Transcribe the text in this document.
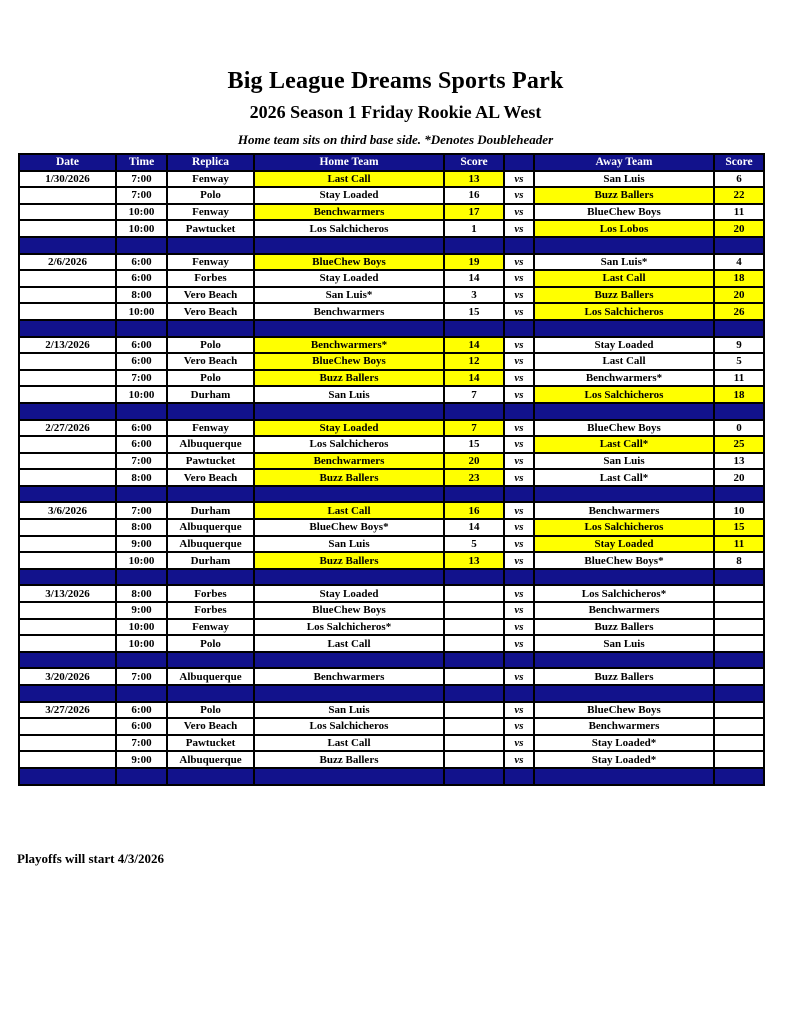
Big League Dreams Sports Park
2026 Season 1 Friday Rookie AL West
Home team sits on third base side. *Denotes Doubleheader
Date	Time	Replica	Home Team	Score		Away Team	Score
1/30/2026	7:00	Fenway	Last Call	13	vs	San Luis	6
	7:00	Polo	Stay Loaded	16	vs	Buzz Ballers	22
	10:00	Fenway	Benchwarmers	17	vs	BlueChew Boys	11
	10:00	Pawtucket	Los Salchicheros	1	vs	Los Lobos	20

2/6/2026	6:00	Fenway	BlueChew Boys	19	vs	San Luis*	4
	6:00	Forbes	Stay Loaded	14	vs	Last Call	18
	8:00	Vero Beach	San Luis*	3	vs	Buzz Ballers	20
	10:00	Vero Beach	Benchwarmers	15	vs	Los Salchicheros	26

2/13/2026	6:00	Polo	Benchwarmers*	14	vs	Stay Loaded	9
	6:00	Vero Beach	BlueChew Boys	12	vs	Last Call	5
	7:00	Polo	Buzz Ballers	14	vs	Benchwarmers*	11
	10:00	Durham	San Luis	7	vs	Los Salchicheros	18

2/27/2026	6:00	Fenway	Stay Loaded	7	vs	BlueChew Boys	0
	6:00	Albuquerque	Los Salchicheros	15	vs	Last Call*	25
	7:00	Pawtucket	Benchwarmers	20	vs	San Luis	13
	8:00	Vero Beach	Buzz Ballers	23	vs	Last Call*	20

3/6/2026	7:00	Durham	Last Call	16	vs	Benchwarmers	10
	8:00	Albuquerque	BlueChew Boys*	14	vs	Los Salchicheros	15
	9:00	Albuquerque	San Luis	5	vs	Stay Loaded	11
	10:00	Durham	Buzz Ballers	13	vs	BlueChew Boys*	8

3/13/2026	8:00	Forbes	Stay Loaded		vs	Los Salchicheros*	
	9:00	Forbes	BlueChew Boys		vs	Benchwarmers	
	10:00	Fenway	Los Salchicheros*		vs	Buzz Ballers	
	10:00	Polo	Last Call		vs	San Luis	

3/20/2026	7:00	Albuquerque	Benchwarmers		vs	Buzz Ballers	

3/27/2026	6:00	Polo	San Luis		vs	BlueChew Boys	
	6:00	Vero Beach	Los Salchicheros		vs	Benchwarmers	
	7:00	Pawtucket	Last Call		vs	Stay Loaded*	
	9:00	Albuquerque	Buzz Ballers		vs	Stay Loaded*	

Playoffs will start 4/3/2026
